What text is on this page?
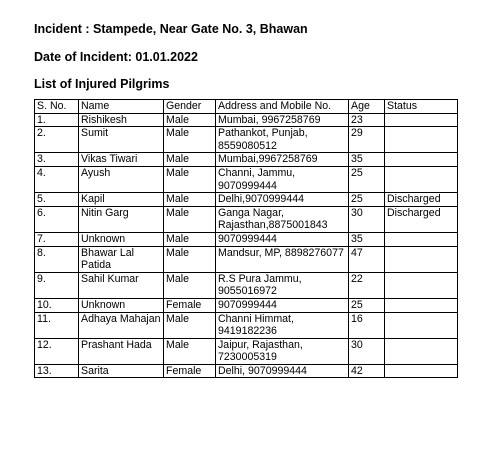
Incident : Stampede, Near Gate No. 3, Bhawan
Date of Incident: 01.01.2022
List of Injured Pilgrims
S. No.	Name	Gender	Address and Mobile No.	Age	Status
1.	Rishikesh	Male	Mumbai, 9967258769	23	
2.	Sumit	Male	Pathankot, Punjab, 8559080512	29	
3.	Vikas Tiwari	Male	Mumbai,9967258769	35	
4.	Ayush	Male	Channi, Jammu, 9070999444	25	
5.	Kapil	Male	Delhi,9070999444	25	Discharged
6.	Nitin Garg	Male	Ganga Nagar, Rajasthan,8875001843	30	Discharged
7.	Unknown	Male	9070999444	35	
8.	Bhawar Lal Patida	Male	Mandsur, MP, 8898276077	47	
9.	Sahil Kumar	Male	R.S Pura Jammu, 9055016972	22	
10.	Unknown	Female	9070999444	25	
11.	Adhaya Mahajan	Male	Channi Himmat, 9419182236	16	
12.	Prashant Hada	Male	Jaipur, Rajasthan, 7230005319	30	
13.	Sarita	Female	Delhi, 9070999444	42	
